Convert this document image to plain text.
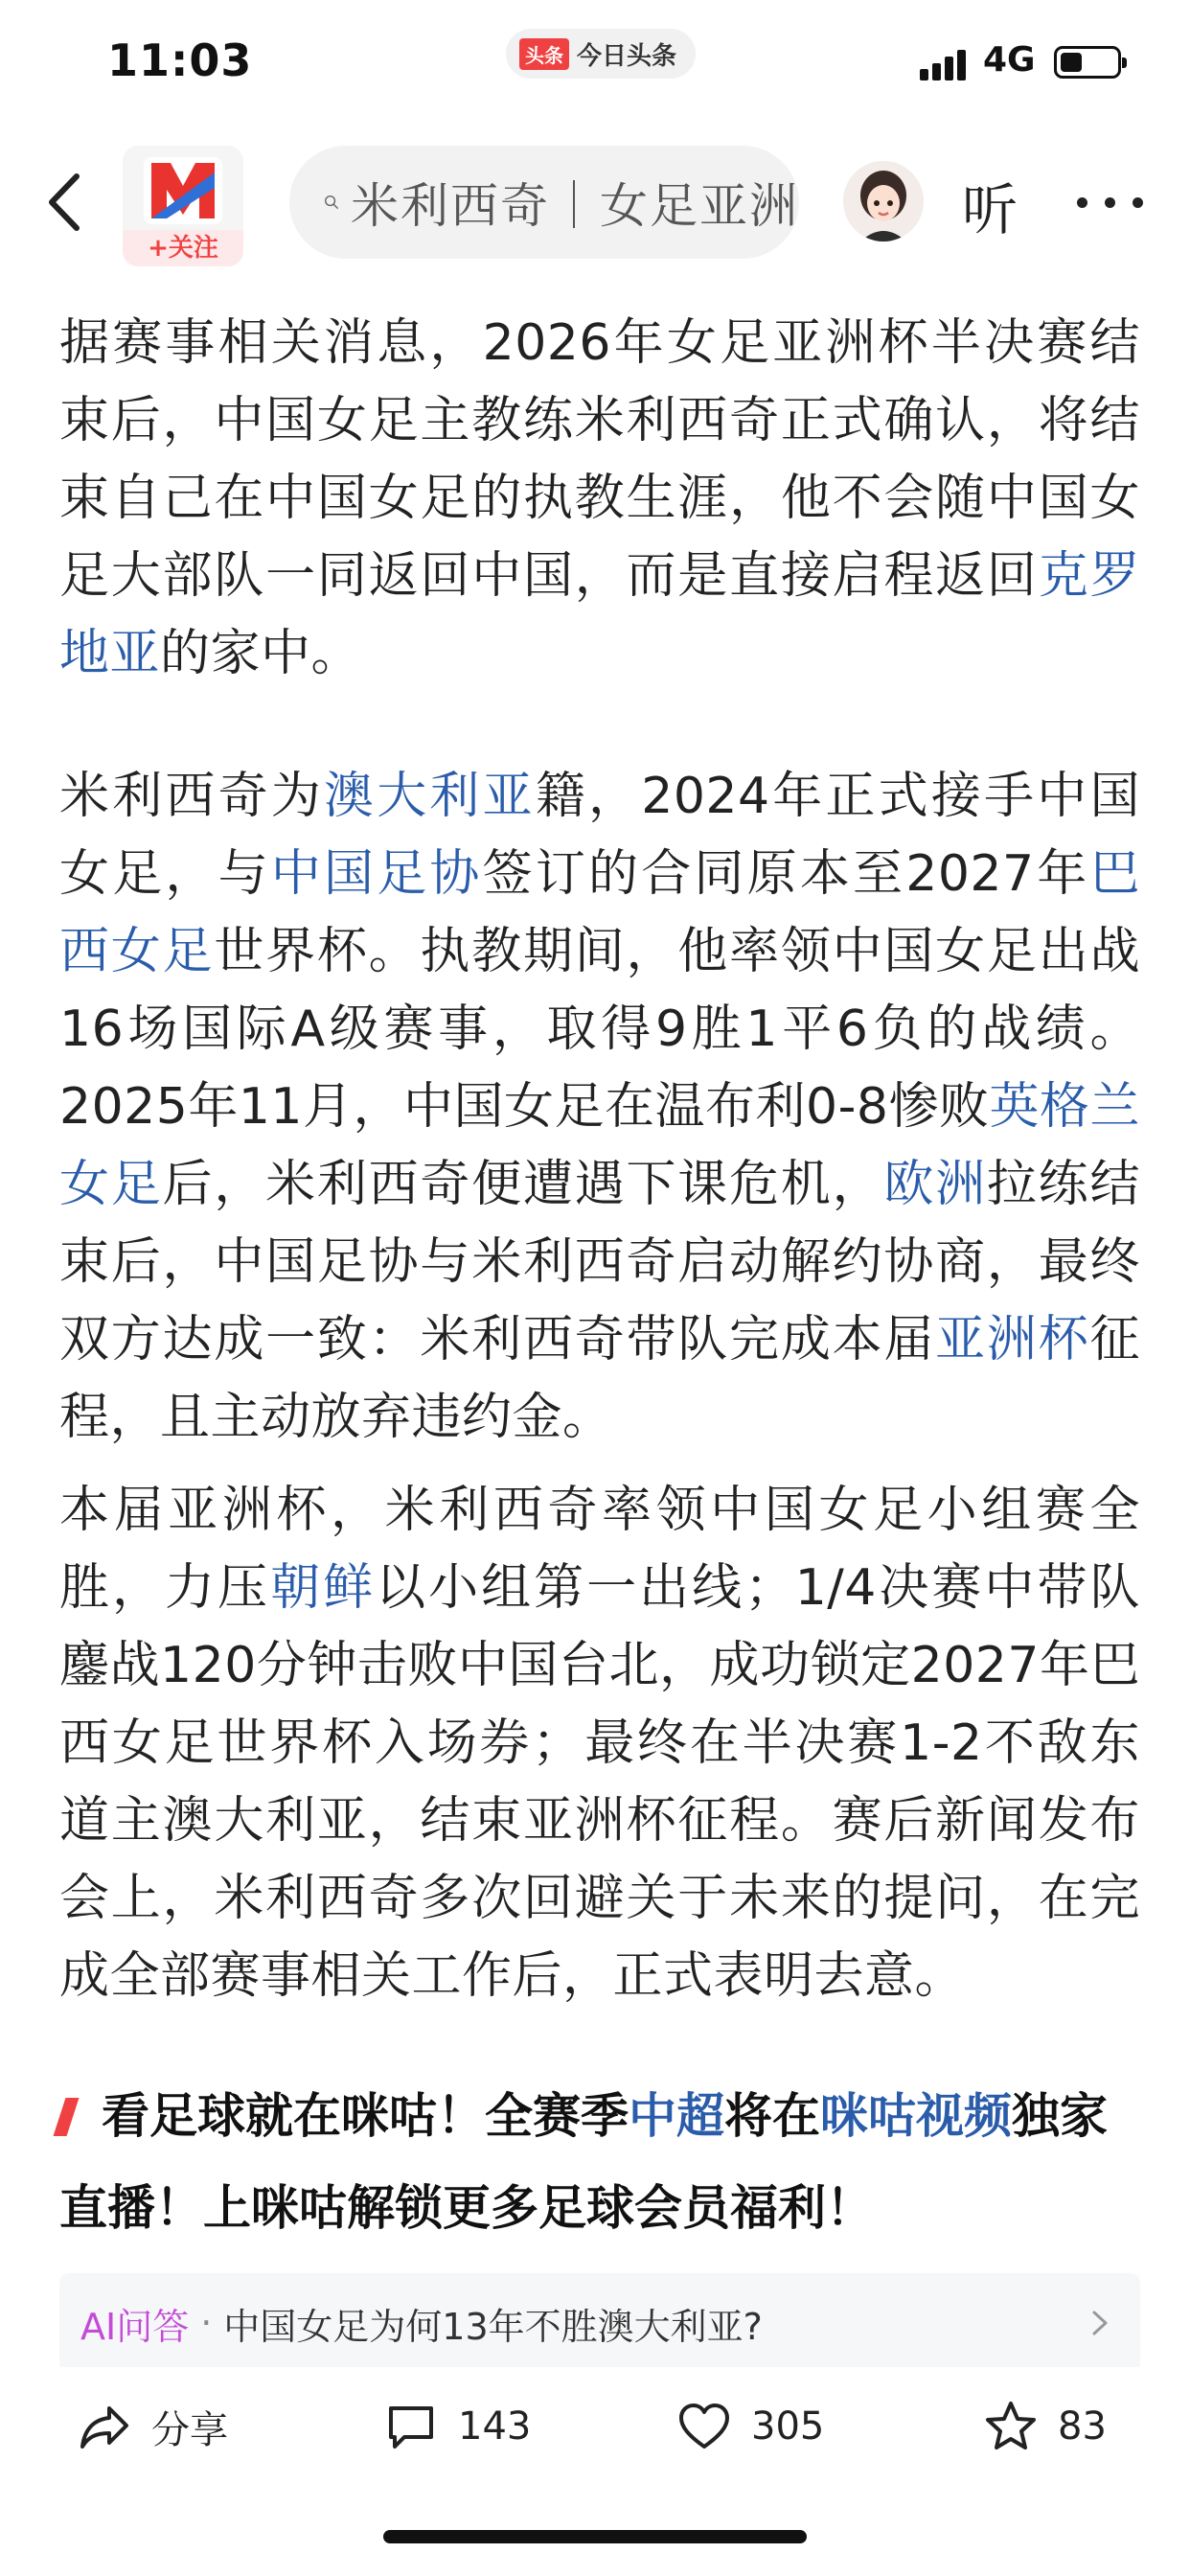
11:03	头条 今日头条	4G
+关注
米利西奇｜女足亚洲	听

据赛事相关消息，2026年女足亚洲杯半决赛结束后，中国女足主教练米利西奇正式确认，将结束自己在中国女足的执教生涯，他不会随中国女足大部队一同返回中国，而是直接启程返回克罗地亚的家中。

米利西奇为澳大利亚籍，2024年正式接手中国女足，与中国足协签订的合同原本至2027年巴西女足世界杯。执教期间，他率领中国女足出战16场国际A级赛事，取得9胜1平6负的战绩。2025年11月，中国女足在温布利0-8惨败英格兰女足后，米利西奇便遭遇下课危机，欧洲拉练结束后，中国足协与米利西奇启动解约协商，最终双方达成一致：米利西奇带队完成本届亚洲杯征程，且主动放弃违约金。

本届亚洲杯，米利西奇率领中国女足小组赛全胜，力压朝鲜以小组第一出线；1/4决赛中带队鏖战120分钟击败中国台北，成功锁定2027年巴西女足世界杯入场券；最终在半决赛1-2不敌东道主澳大利亚，结束亚洲杯征程。赛后新闻发布会上，米利西奇多次回避关于未来的提问，在完成全部赛事相关工作后，正式表明去意。

看足球就在咪咕！全赛季中超将在咪咕视频独家直播！上咪咕解锁更多足球会员福利！
AI问答 · 中国女足为何13年不胜澳大利亚?
分享	143	305	83
